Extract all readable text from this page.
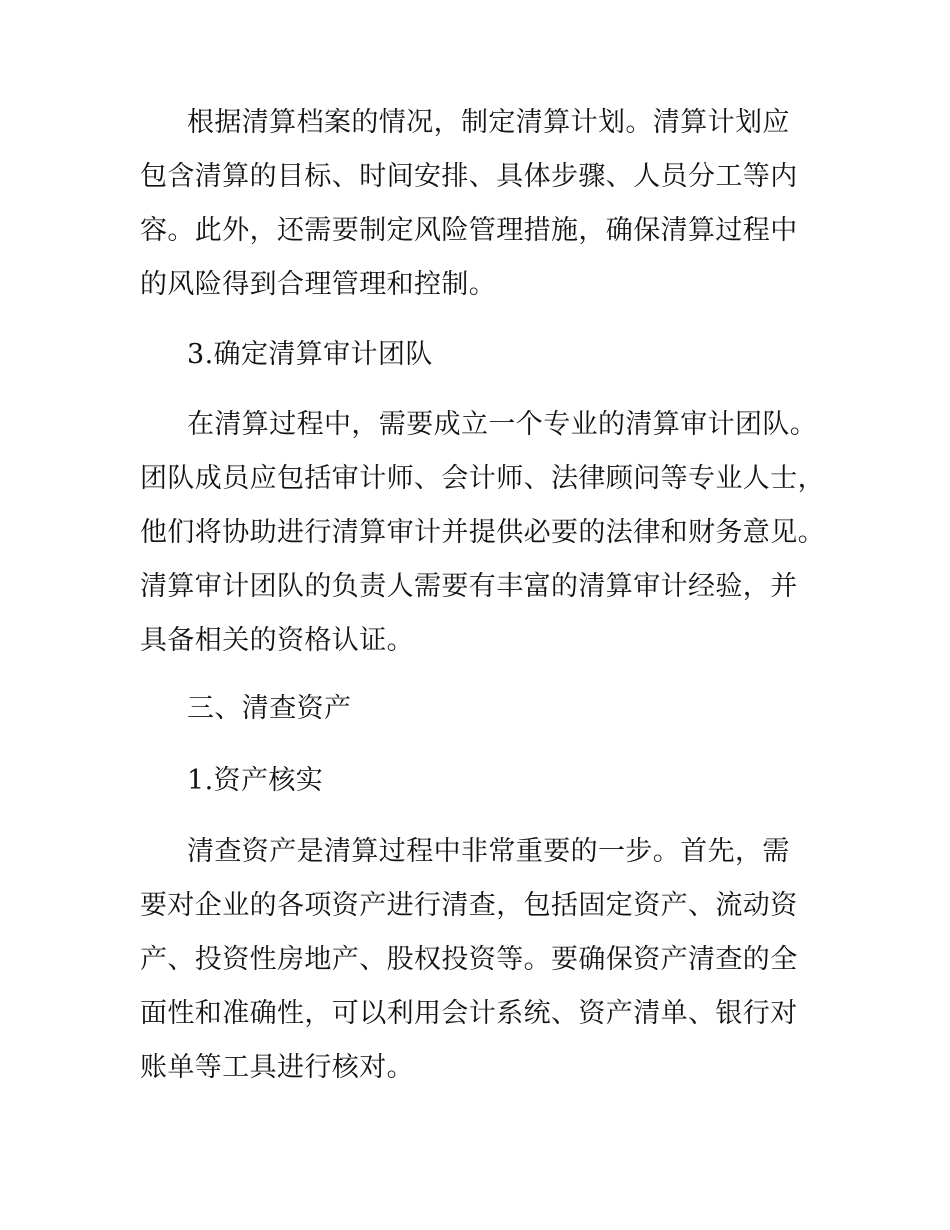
根据清算档案的情况，制定清算计划。清算计划应
包含清算的目标、时间安排、具体步骤、人员分工等内
容。此外，还需要制定风险管理措施，确保清算过程中
的风险得到合理管理和控制。
3.确定清算审计团队
在清算过程中，需要成立一个专业的清算审计团队。
团队成员应包括审计师、会计师、法律顾问等专业人士，
他们将协助进行清算审计并提供必要的法律和财务意见。
清算审计团队的负责人需要有丰富的清算审计经验，并
具备相关的资格认证。
三、清查资产
1.资产核实
清查资产是清算过程中非常重要的一步。首先，需
要对企业的各项资产进行清查，包括固定资产、流动资
产、投资性房地产、股权投资等。要确保资产清查的全
面性和准确性，可以利用会计系统、资产清单、银行对
账单等工具进行核对。
